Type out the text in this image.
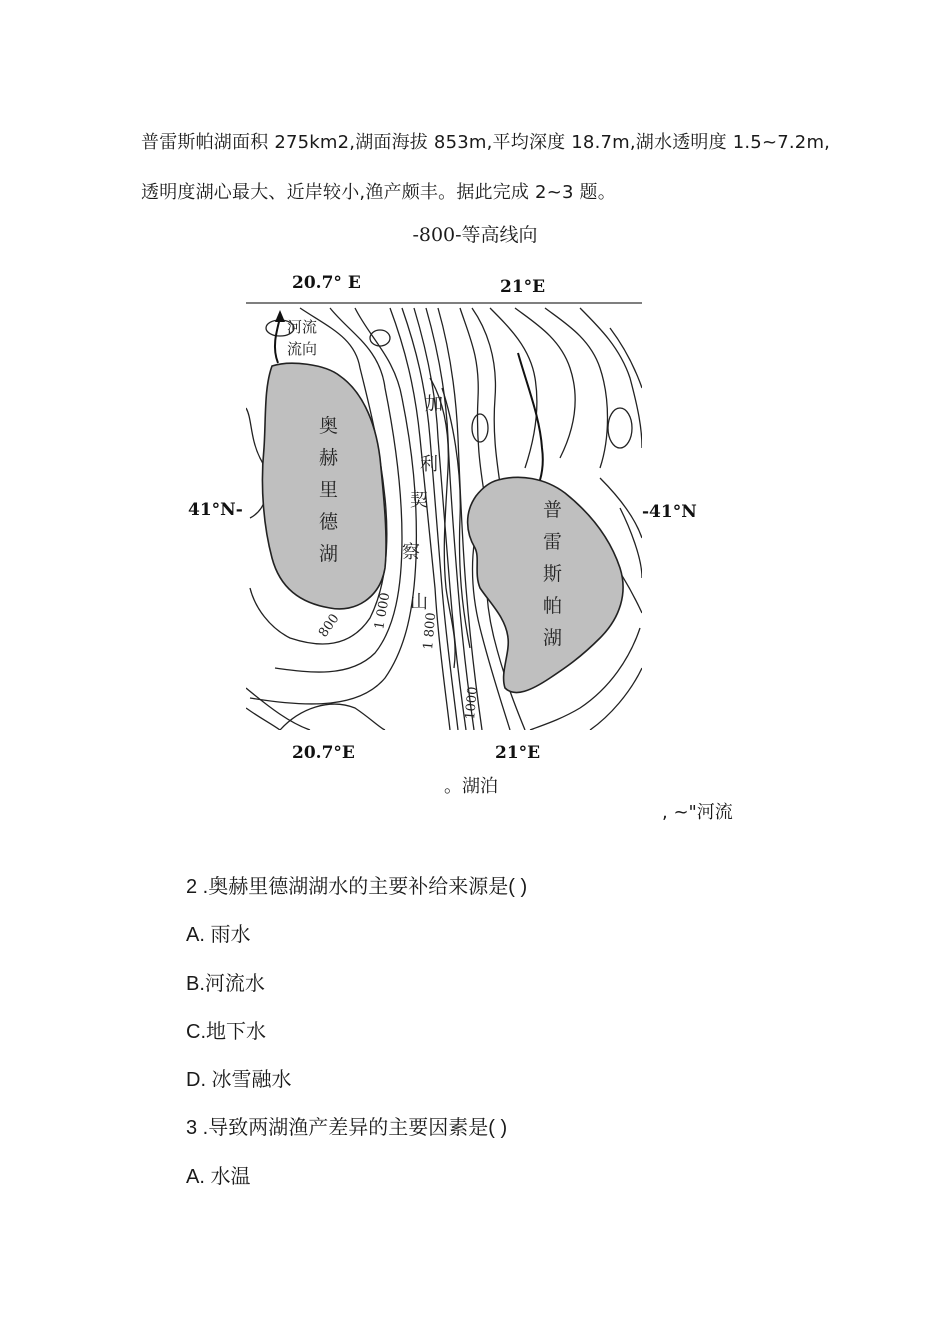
普雷斯帕湖面积 275km2,湖面海拔 853m,平均深度 18.7m,湖水透明度 1.5~7.2m,
透明度湖心最大、近岸较小,渔产颇丰。据此完成 2~3 题。
-800-等高线向
20.7° E	21°E
41°N-	-41°N
20.7°E	21°E
河流
流向
奥
赫
里
德
湖
普
雷
斯
帕
湖
加
利
契
察
山
800 1 000
1 800
1000
。湖泊
, ~"河流
2 .奥赫里德湖湖水的主要补给来源是( )
A. 雨水
B.河流水
C.地下水
D. 冰雪融水
3 .导致两湖渔产差异的主要因素是( )
A. 水温
